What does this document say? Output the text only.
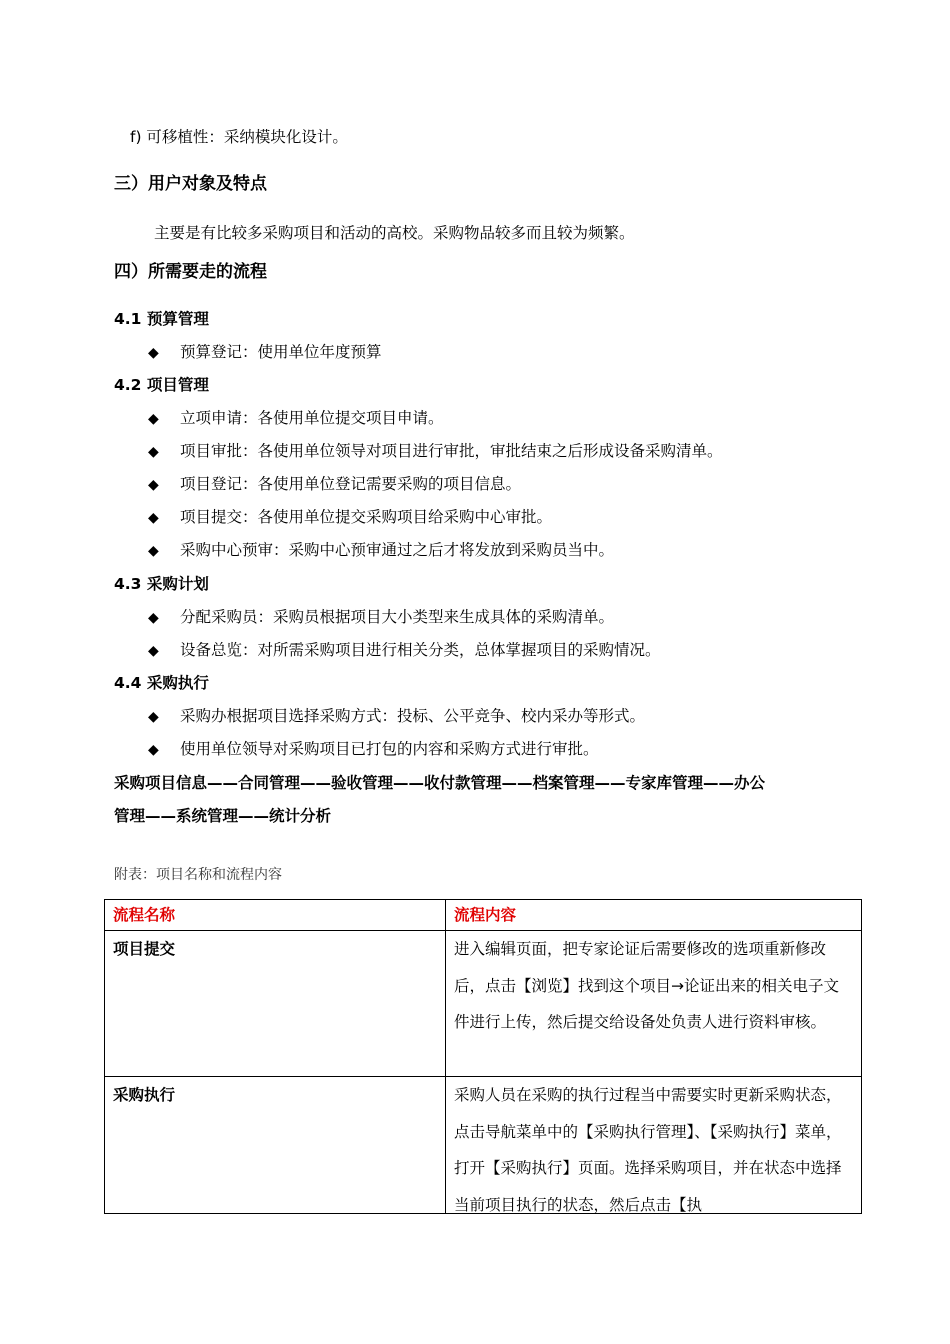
f) 可移植性：采纳模块化设计。
三）用户对象及特点
主要是有比较多采购项目和活动的高校。采购物品较多而且较为频繁。
四）所需要走的流程
4.1 预算管理
◆ 预算登记：使用单位年度预算
4.2 项目管理
◆ 立项申请：各使用单位提交项目申请。
◆ 项目审批：各使用单位领导对项目进行审批，审批结束之后形成设备采购清单。
◆ 项目登记：各使用单位登记需要采购的项目信息。
◆ 项目提交：各使用单位提交采购项目给采购中心审批。
◆ 采购中心预审：采购中心预审通过之后才将发放到采购员当中。
4.3 采购计划
◆ 分配采购员：采购员根据项目大小类型来生成具体的采购清单。
◆ 设备总览：对所需采购项目进行相关分类，总体掌握项目的采购情况。
4.4 采购执行
◆ 采购办根据项目选择采购方式：投标、公平竞争、校内采办等形式。
◆ 使用单位领导对采购项目已打包的内容和采购方式进行审批。
采购项目信息——合同管理——验收管理——收付款管理——档案管理——专家库管理——办公
管理——系统管理——统计分析
附表：项目名称和流程内容
流程名称	流程内容
项目提交	进入编辑页面，把专家论证后需要修改的选项重新修改后，点击【浏览】找到这个项目→论证出来的相关电子文件进行上传，然后提交给设备处负责人进行资料审核。
采购执行	采购人员在采购的执行过程当中需要实时更新采购状态，点击导航菜单中的【采购执行管理】、【采购执行】菜单，打开【采购执行】页面。选择采购项目，并在状态中选择当前项目执行的状态，然后点击【执
